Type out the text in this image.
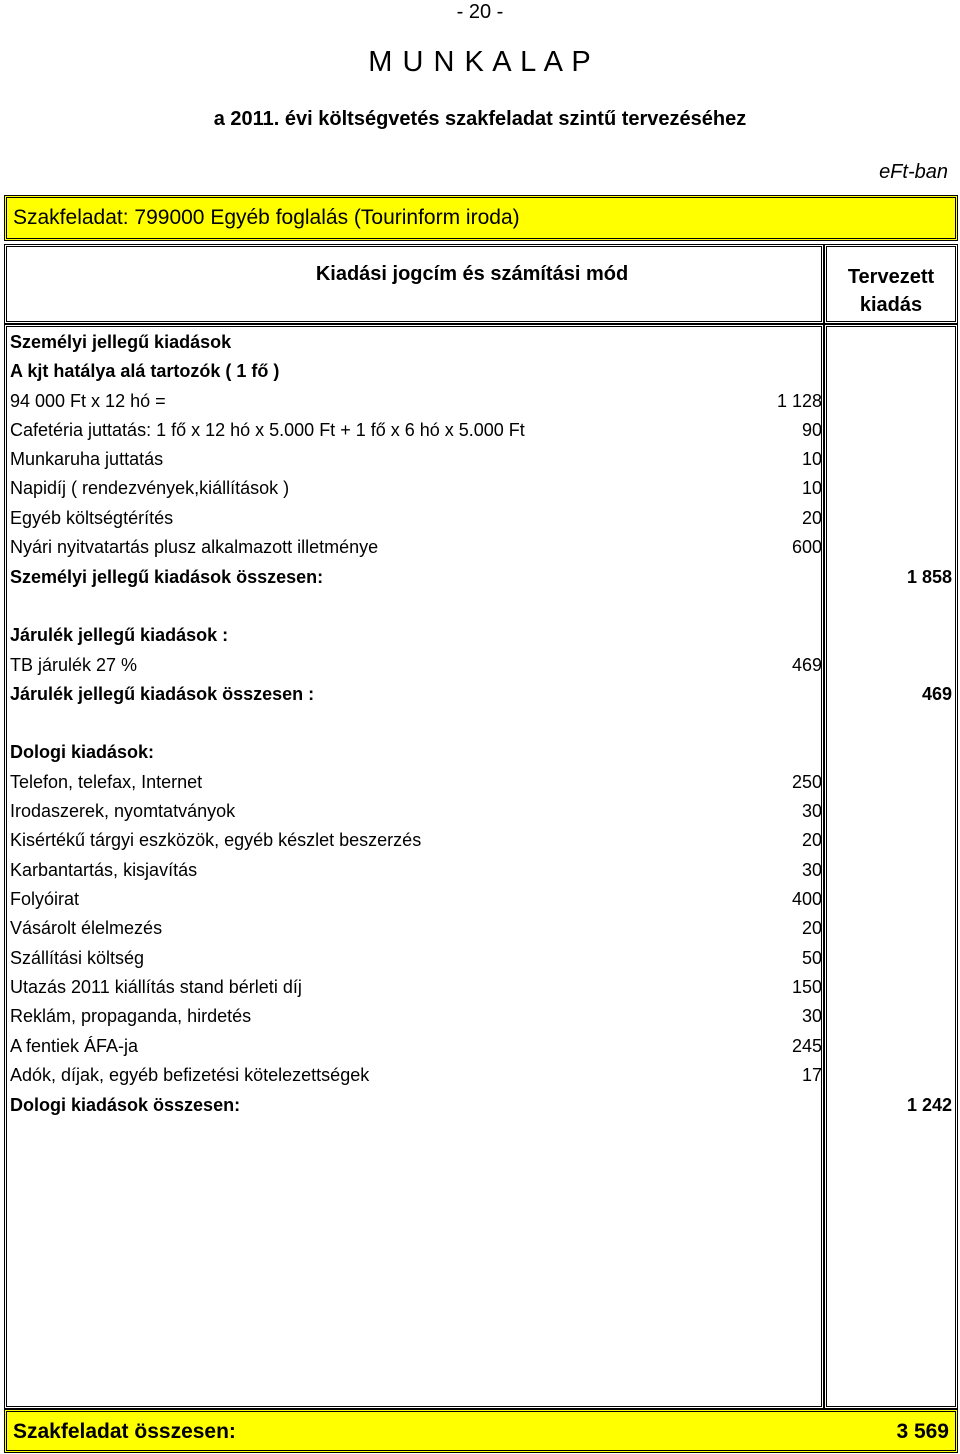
- 20 -
M U N K A L A P
a 2011. évi költségvetés szakfeladat szintű tervezéséhez
eFt-ban
Szakfeladat: 799000 Egyéb foglalás (Tourinform iroda)
Kiadási jogcím és számítási mód	Tervezett
kiadás
Személyi jellegű kiadások
A kjt hatálya alá tartozók ( 1 fő )
94 000 Ft x 12 hó =	1 128
Cafetéria juttatás: 1 fő x 12 hó x 5.000 Ft + 1 fő x 6 hó x 5.000 Ft	90
Munkaruha juttatás	10
Napidíj ( rendezvények,kiállítások )	10
Egyéb költségtérítés	20
Nyári nyitvatartás plusz alkalmazott illetménye	600
Személyi jellegű kiadások összesen:	1 858
Járulék jellegű kiadások :
TB járulék 27 %	469
Járulék jellegű kiadások összesen :	469
Dologi kiadások:
Telefon, telefax, Internet	250
Irodaszerek, nyomtatványok	30
Kisértékű tárgyi eszközök, egyéb készlet beszerzés	20
Karbantartás, kisjavítás	30
Folyóirat	400
Vásárolt élelmezés	20
Szállítási költség	50
Utazás 2011 kiállítás stand bérleti díj	150
Reklám, propaganda, hirdetés	30
A fentiek ÁFA-ja	245
Adók, díjak, egyéb befizetési kötelezettségek	17
Dologi kiadások összesen:	1 242
Szakfeladat összesen:	3 569
